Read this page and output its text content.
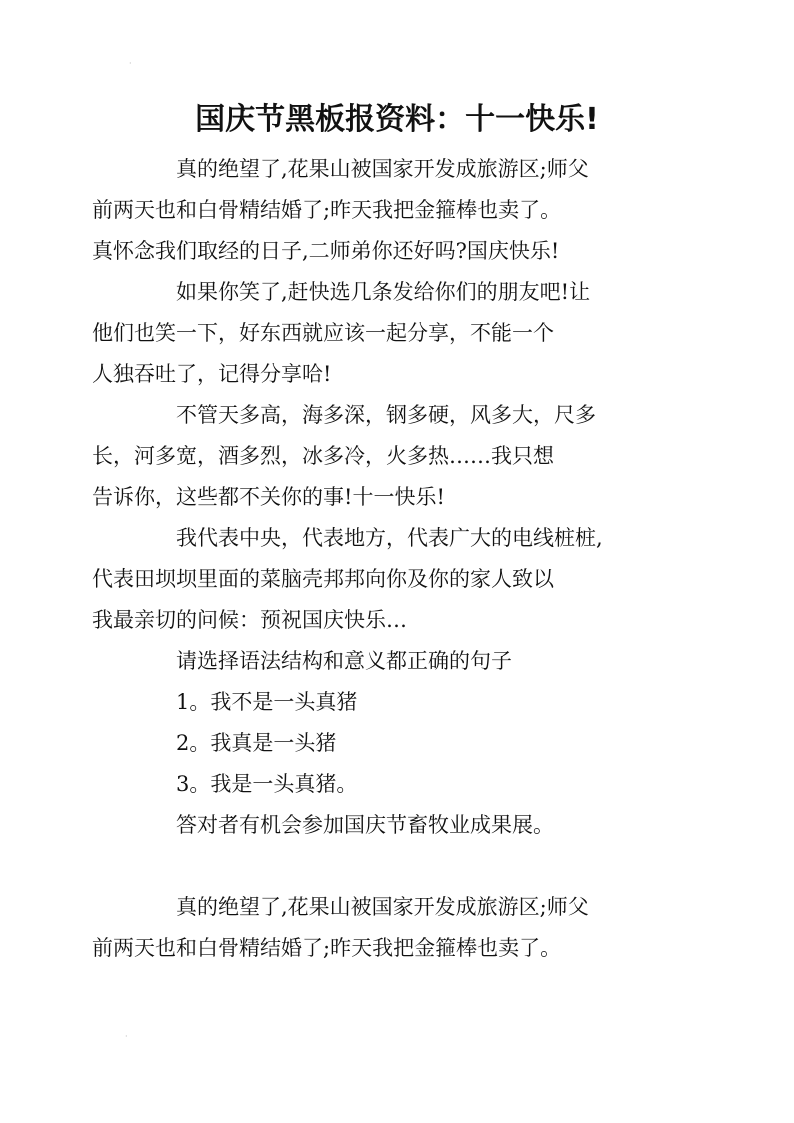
·
国庆节黑板报资料：十一快乐!

真的绝望了,花果山被国家开发成旅游区;师父
前两天也和白骨精结婚了;昨天我把金箍棒也卖了。
真怀念我们取经的日子,二师弟你还好吗?国庆快乐!

如果你笑了,赶快选几条发给你们的朋友吧!让
他们也笑一下，好东西就应该一起分享，不能一个
人独吞吐了，记得分享哈!

不管天多高，海多深，钢多硬，风多大，尺多
长，河多宽，酒多烈，冰多冷，火多热……我只想
告诉你，这些都不关你的事!十一快乐!

我代表中央，代表地方，代表广大的电线桩桩,
代表田坝坝里面的菜脑壳邦邦向你及你的家人致以
我最亲切的问候：预祝国庆快乐…

请选择语法结构和意义都正确的句子

1。我不是一头真猪

2。我真是一头猪

3。我是一头真猪。

答对者有机会参加国庆节畜牧业成果展。

真的绝望了,花果山被国家开发成旅游区;师父
前两天也和白骨精结婚了;昨天我把金箍棒也卖了。

·
